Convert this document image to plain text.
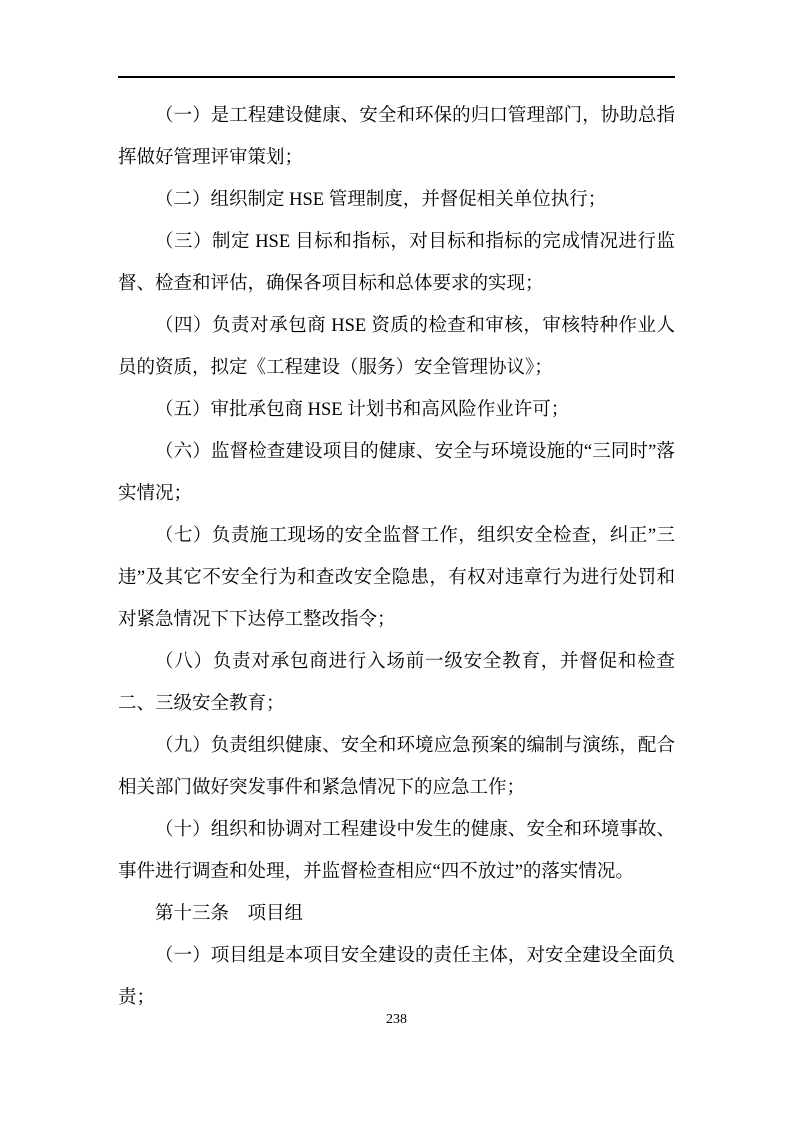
（一）是工程建设健康、安全和环保的归口管理部门，协助总指挥做好管理评审策划；

（二）组织制定 HSE 管理制度，并督促相关单位执行；

（三）制定 HSE 目标和指标，对目标和指标的完成情况进行监督、检查和评估，确保各项目标和总体要求的实现；

（四）负责对承包商 HSE 资质的检查和审核，审核特种作业人员的资质，拟定《工程建设（服务）安全管理协议》；

（五）审批承包商 HSE 计划书和高风险作业许可；

（六）监督检查建设项目的健康、安全与环境设施的“三同时”落实情况；

（七）负责施工现场的安全监督工作，组织安全检查，纠正”三违”及其它不安全行为和查改安全隐患，有权对违章行为进行处罚和对紧急情况下下达停工整改指令；

（八）负责对承包商进行入场前一级安全教育，并督促和检查二、三级安全教育；

（九）负责组织健康、安全和环境应急预案的编制与演练，配合相关部门做好突发事件和紧急情况下的应急工作；

（十）组织和协调对工程建设中发生的健康、安全和环境事故、事件进行调查和处理，并监督检查相应“四不放过”的落实情况。

第十三条　项目组

（一）项目组是本项目安全建设的责任主体，对安全建设全面负责；

238
